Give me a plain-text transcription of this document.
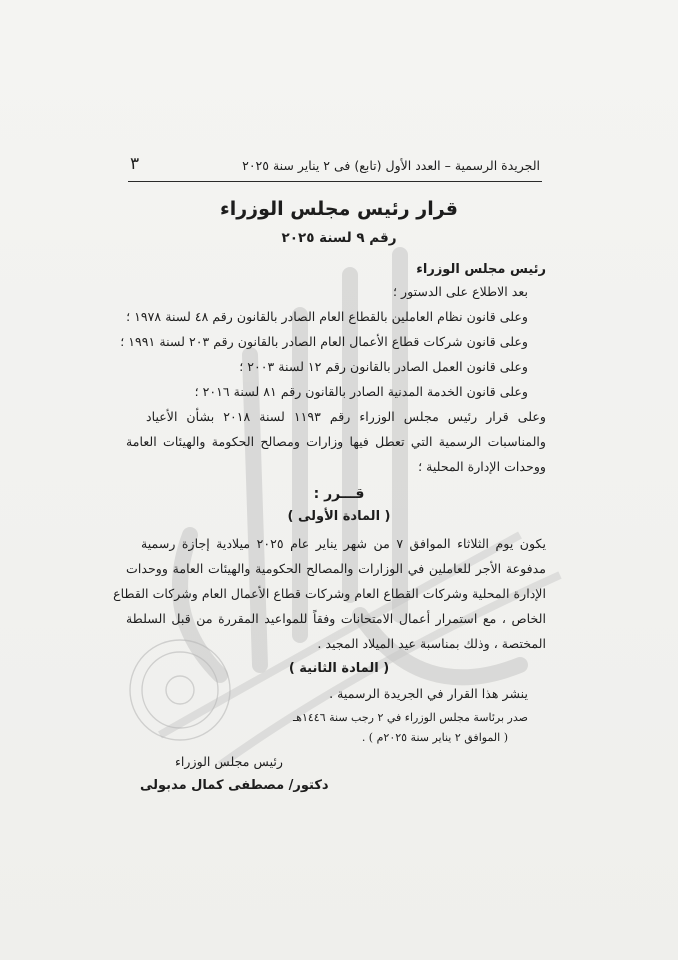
الجريدة الرسمية – العدد الأول (تابع) فى ٢ يناير سنة ٢٠٢٥
٣
قرار رئيس مجلس الوزراء
رقم ٩ لسنة ٢٠٢٥
رئيس مجلس الوزراء
بعد الاطلاع على الدستور ؛
وعلى قانون نظام العاملين بالقطاع العام الصادر بالقانون رقم ٤٨ لسنة ١٩٧٨ ؛
وعلى قانون شركات قطاع الأعمال العام الصادر بالقانون رقم ٢٠٣ لسنة ١٩٩١ ؛
وعلى قانون العمل الصادر بالقانون رقم ١٢ لسنة ٢٠٠٣ ؛
وعلى قانون الخدمة المدنية الصادر بالقانون رقم ٨١ لسنة ٢٠١٦ ؛
وعلى قرار رئيس مجلس الوزراء رقم ١١٩٣ لسنة ٢٠١٨ بشأن الأعياد
والمناسبات الرسمية التي تعطل فيها وزارات ومصالح الحكومة والهيئات العامة
ووحدات الإدارة المحلية ؛
قـــرر :
( المادة الأولى )
يكون يوم الثلاثاء الموافق ٧ من شهر يناير عام ٢٠٢٥ ميلادية إجازة رسمية
مدفوعة الأجر للعاملين في الوزارات والمصالح الحكومية والهيئات العامة ووحدات
الإدارة المحلية وشركات القطاع العام وشركات قطاع الأعمال العام وشركات القطاع
الخاص ، مع استمرار أعمال الامتحانات وفقاً للمواعيد المقررة من قبل السلطة
المختصة ، وذلك بمناسبة عيد الميلاد المجيد .
( المادة الثانية )
ينشر هذا القرار في الجريدة الرسمية .
صدر برئاسة مجلس الوزراء في ٢ رجب سنة ١٤٤٦هـ
( الموافق ٢ يناير سنة ٢٠٢٥م ) .
رئيس مجلس الوزراء
دكتور/ مصطفى كمال مدبولى
